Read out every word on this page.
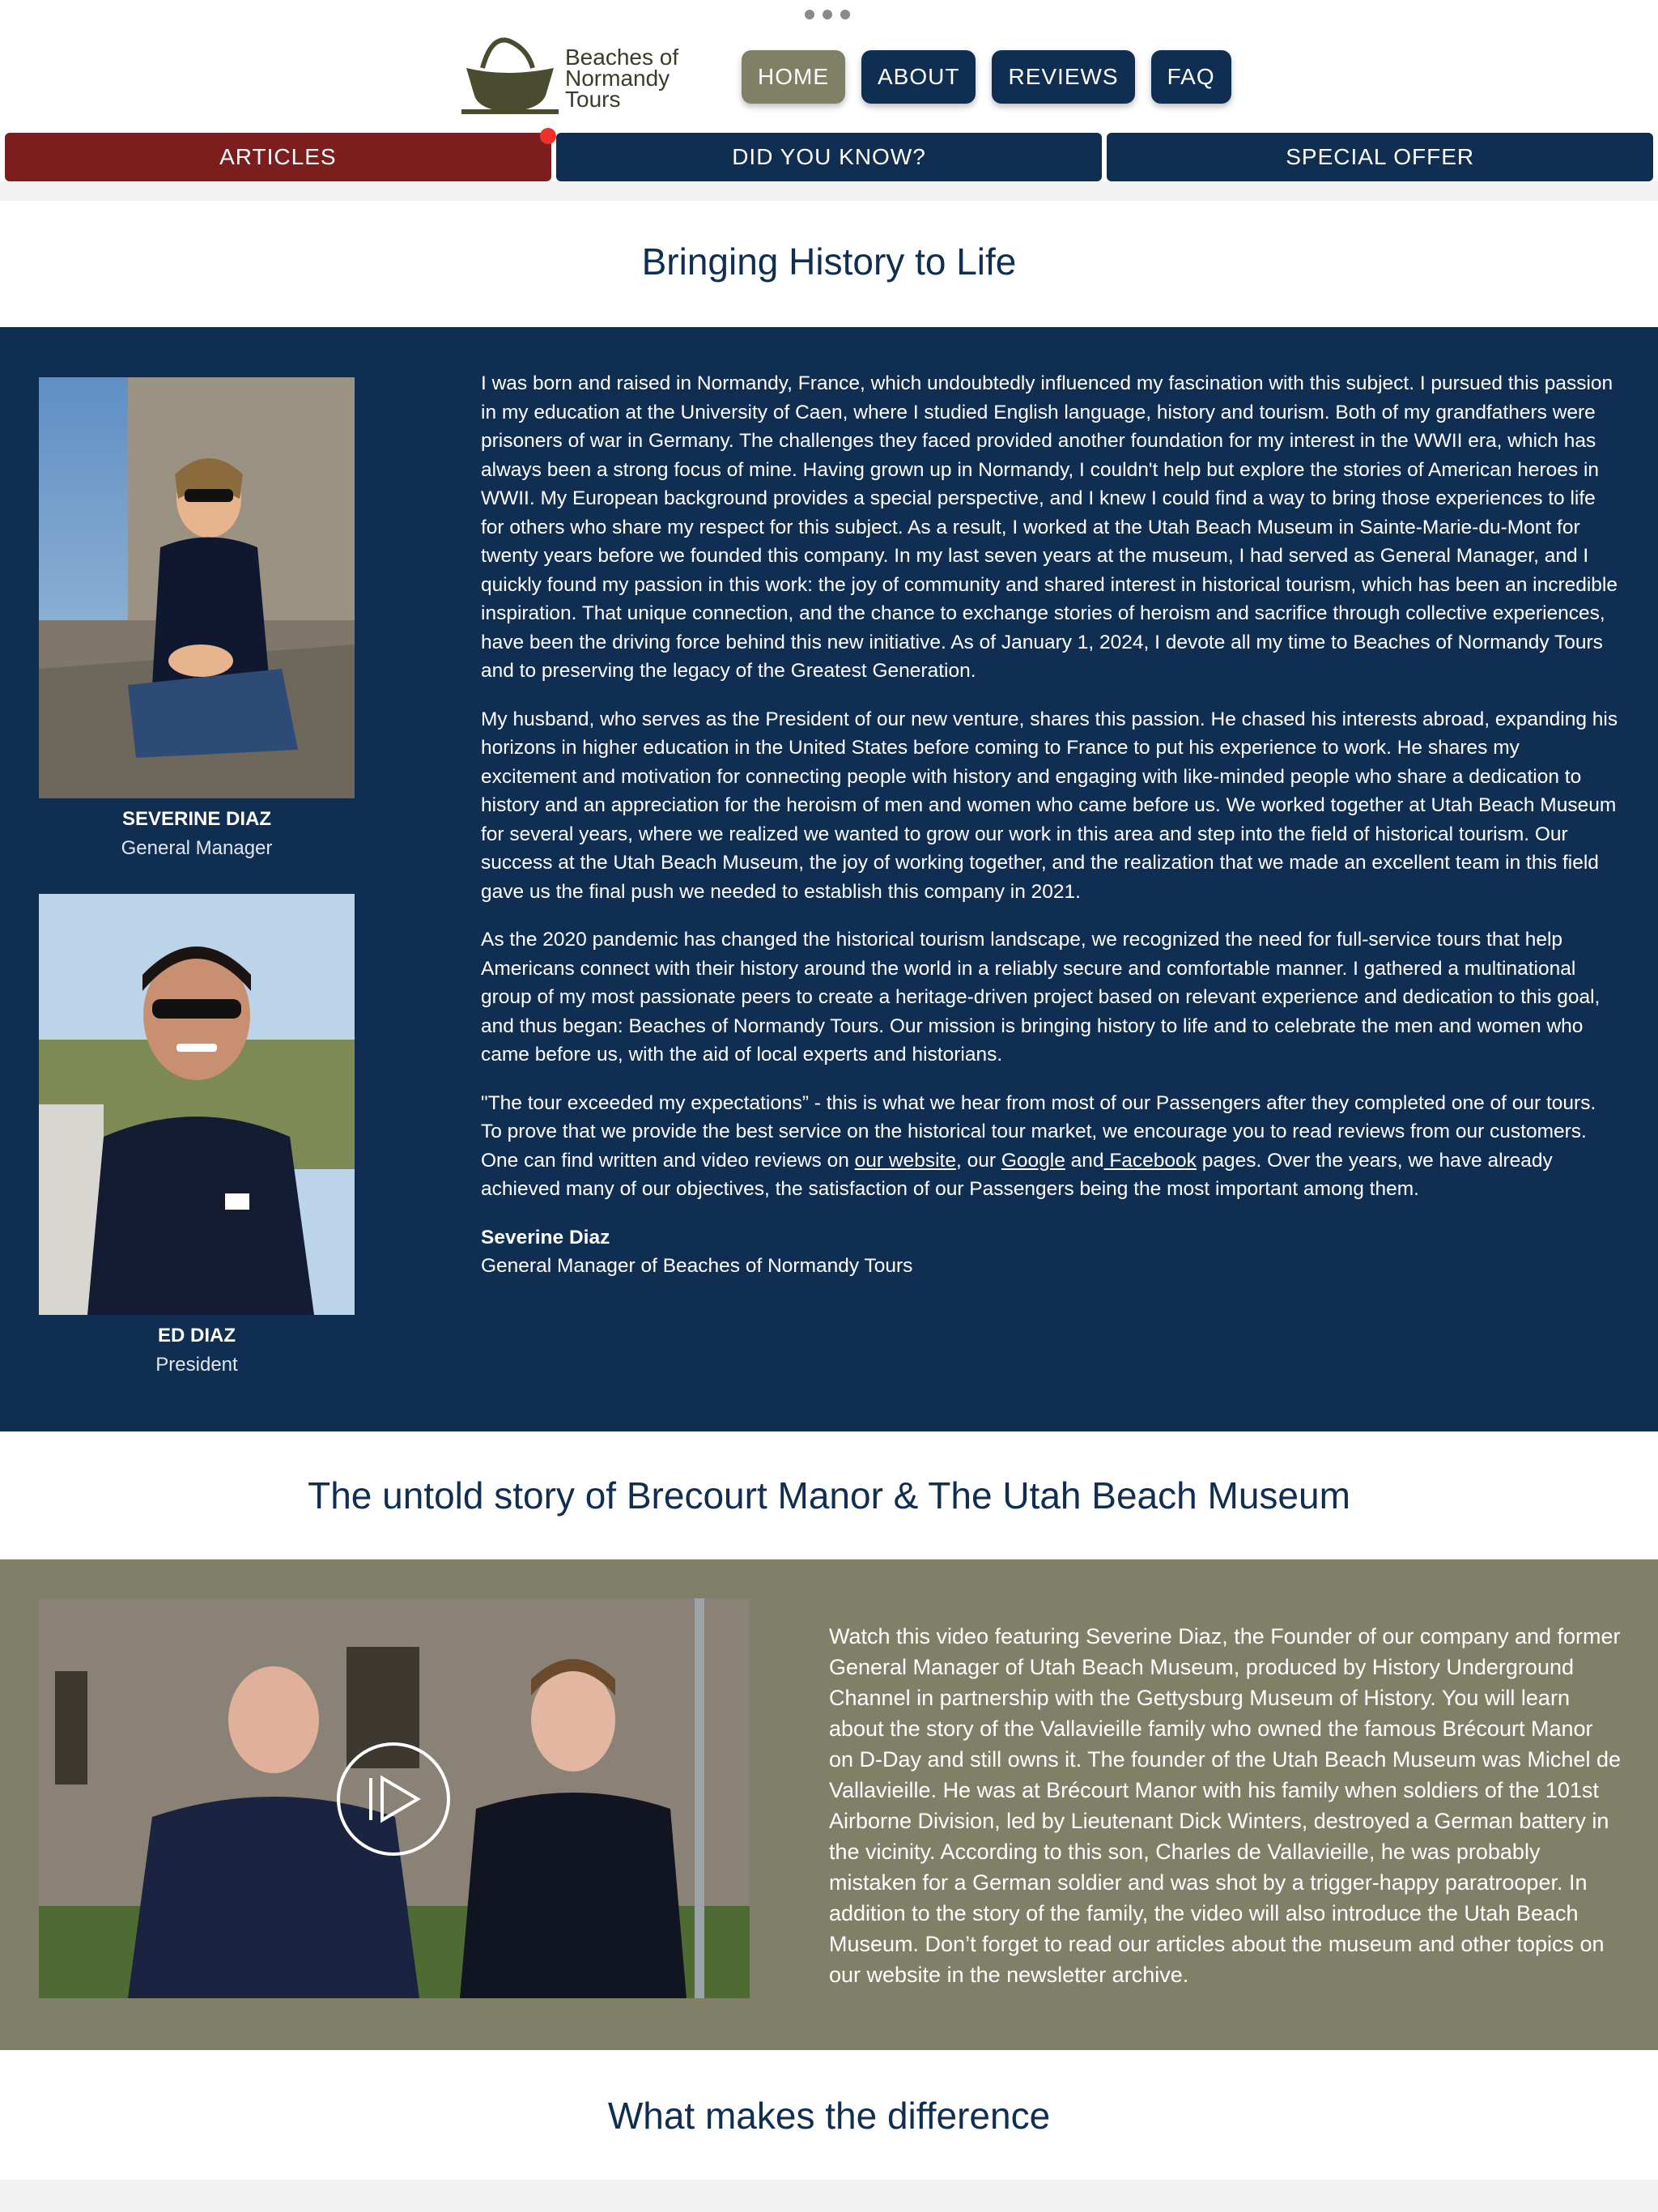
Beaches of
Normandy
Tours
HOME	ABOUT	REVIEWS	FAQ
ARTICLES	DID YOU KNOW?	SPECIAL OFFER
Bringing History to Life
SEVERINE DIAZ
General Manager
ED DIAZ
President

I was born and raised in Normandy, France, which undoubtedly influenced my fascination with this subject. I pursued this passion in my education at the University of Caen, where I studied English language, history and tourism. Both of my grandfathers were prisoners of war in Germany. The challenges they faced provided another foundation for my interest in the WWII era, which has always been a strong focus of mine. Having grown up in Normandy, I couldn't help but explore the stories of American heroes in WWII. My European background provides a special perspective, and I knew I could find a way to bring those experiences to life for others who share my respect for this subject. As a result, I worked at the Utah Beach Museum in Sainte-Marie-du-Mont for twenty years before we founded this company. In my last seven years at the museum, I had served as General Manager, and I quickly found my passion in this work: the joy of community and shared interest in historical tourism, which has been an incredible inspiration. That unique connection, and the chance to exchange stories of heroism and sacrifice through collective experiences, have been the driving force behind this new initiative. As of January 1, 2024, I devote all my time to Beaches of Normandy Tours and to preserving the legacy of the Greatest Generation.

My husband, who serves as the President of our new venture, shares this passion. He chased his interests abroad, expanding his horizons in higher education in the United States before coming to France to put his experience to work. He shares my excitement and motivation for connecting people with history and engaging with like-minded people who share a dedication to history and an appreciation for the heroism of men and women who came before us. We worked together at Utah Beach Museum for several years, where we realized we wanted to grow our work in this area and step into the field of historical tourism. Our success at the Utah Beach Museum, the joy of working together, and the realization that we made an excellent team in this field gave us the final push we needed to establish this company in 2021.

As the 2020 pandemic has changed the historical tourism landscape, we recognized the need for full-service tours that help Americans connect with their history around the world in a reliably secure and comfortable manner. I gathered a multinational group of my most passionate peers to create a heritage-driven project based on relevant experience and dedication to this goal, and thus began: Beaches of Normandy Tours. Our mission is bringing history to life and to celebrate the men and women who came before us, with the aid of local experts and historians.

"The tour exceeded my expectations” - this is what we hear from most of our Passengers after they completed one of our tours. To prove that we provide the best service on the historical tour market, we encourage you to read reviews from our customers. One can find written and video reviews on our website, our Google and Facebook pages. Over the years, we have already achieved many of our objectives, the satisfaction of our Passengers being the most important among them.

Severine Diaz
General Manager of Beaches of Normandy Tours

The untold story of Brecourt Manor & The Utah Beach Museum
Watch this video featuring Severine Diaz, the Founder of our company and former General Manager of Utah Beach Museum, produced by History Underground Channel in partnership with the Gettysburg Museum of History. You will learn about the story of the Vallavieille family who owned the famous Brécourt Manor on D-Day and still owns it. The founder of the Utah Beach Museum was Michel de Vallavieille. He was at Brécourt Manor with his family when soldiers of the 101st Airborne Division, led by Lieutenant Dick Winters, destroyed a German battery in the vicinity. According to this son, Charles de Vallavieille, he was probably mistaken for a German soldier and was shot by a trigger-happy paratrooper. In addition to the story of the family, the video will also introduce the Utah Beach Museum. Don’t forget to read our articles about the museum and other topics on our website in the newsletter archive.
What makes the difference
